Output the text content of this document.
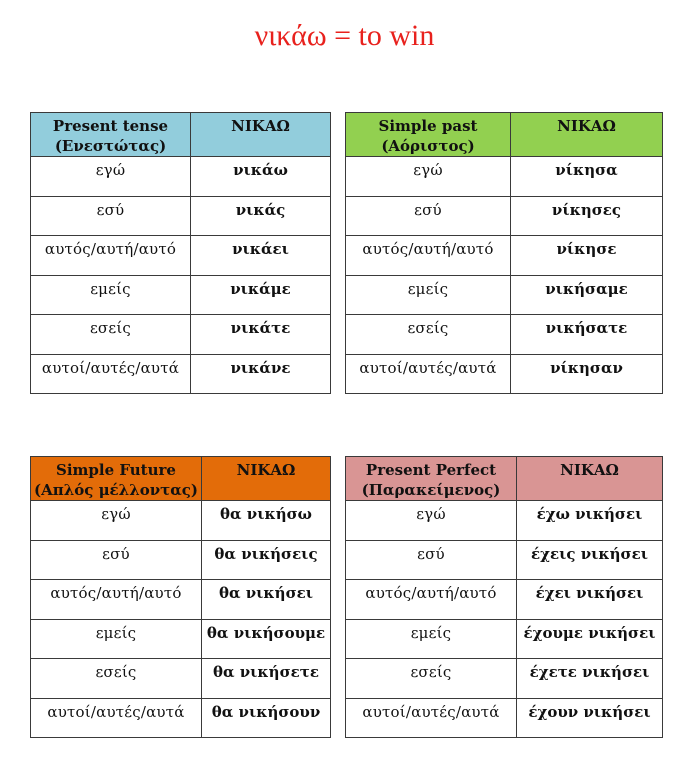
νικάω = to win
Present tense
(Ενεστώτας)	ΝΙΚΑΩ
εγώ	νικάω
εσύ	νικάς
αυτός/αυτή/αυτό	νικάει
εμείς	νικάμε
εσείς	νικάτε
αυτοί/αυτές/αυτά	νικάνε
Simple past
(Αόριστος)	ΝΙΚΑΩ
εγώ	νίκησα
εσύ	νίκησες
αυτός/αυτή/αυτό	νίκησε
εμείς	νικήσαμε
εσείς	νικήσατε
αυτοί/αυτές/αυτά	νίκησαν
Simple Future
(Απλός μέλλοντας)	ΝΙΚΑΩ
εγώ	θα νικήσω
εσύ	θα νικήσεις
αυτός/αυτή/αυτό	θα νικήσει
εμείς	θα νικήσουμε
εσείς	θα νικήσετε
αυτοί/αυτές/αυτά	θα νικήσουν
Present Perfect
(Παρακείμενος)	ΝΙΚΑΩ
εγώ	έχω νικήσει
εσύ	έχεις νικήσει
αυτός/αυτή/αυτό	έχει νικήσει
εμείς	έχουμε νικήσει
εσείς	έχετε νικήσει
αυτοί/αυτές/αυτά	έχουν νικήσει
